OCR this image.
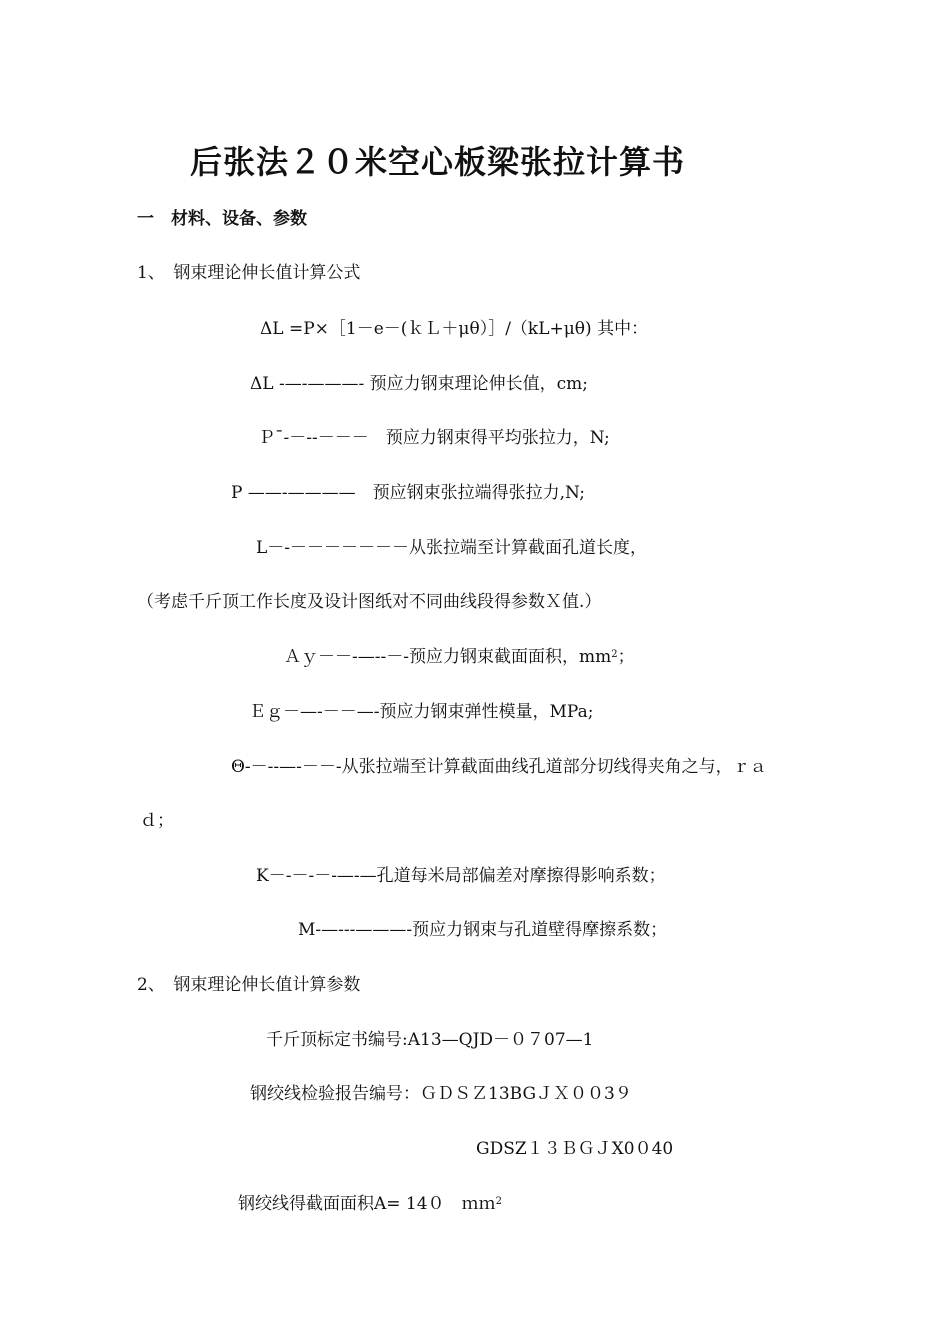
后张法２０米空心板梁张拉计算书
一　材料、设备、参数
1、　钢束理论伸长值计算公式
ΔL =P×［1－e－(ｋＬ＋μθ）］/（kL+μθ) 其中：
ΔL -—-———- 预应力钢束理论伸长值，cm;
Ｐ¯-－--－－－　预应力钢束得平均张拉力，N;
P ——-————　预应钢束张拉端得张拉力,N;
L－-－－－－－－－从张拉端至计算截面孔道长度，
（考虑千斤顶工作长度及设计图纸对不同曲线段得参数Ｘ值.）
Ａｙ－－-—--－-预应力钢束截面面积，$mm^2$；
Ｅｇ－—-－－—-预应力钢束弹性模量，MPa;
Θ-－--—-－－-从张拉端至计算截面曲线孔道部分切线得夹角之与，ｒａ
ｄ；
K－-－-－-—-—孔道每米局部偏差对摩擦得影响系数；
M-—---———-预应力钢束与孔道壁得摩擦系数；
2、　钢束理论伸长值计算参数
千斤顶标定书编号:A13—QJD－０７07—1
钢绞线检验报告编号：ＧＤＳＺ13BGＪＸ００3９
GDSZ１３ＢＧＪX0０40
钢绞线得截面面积A= 14０　ｍｍ$^2$
